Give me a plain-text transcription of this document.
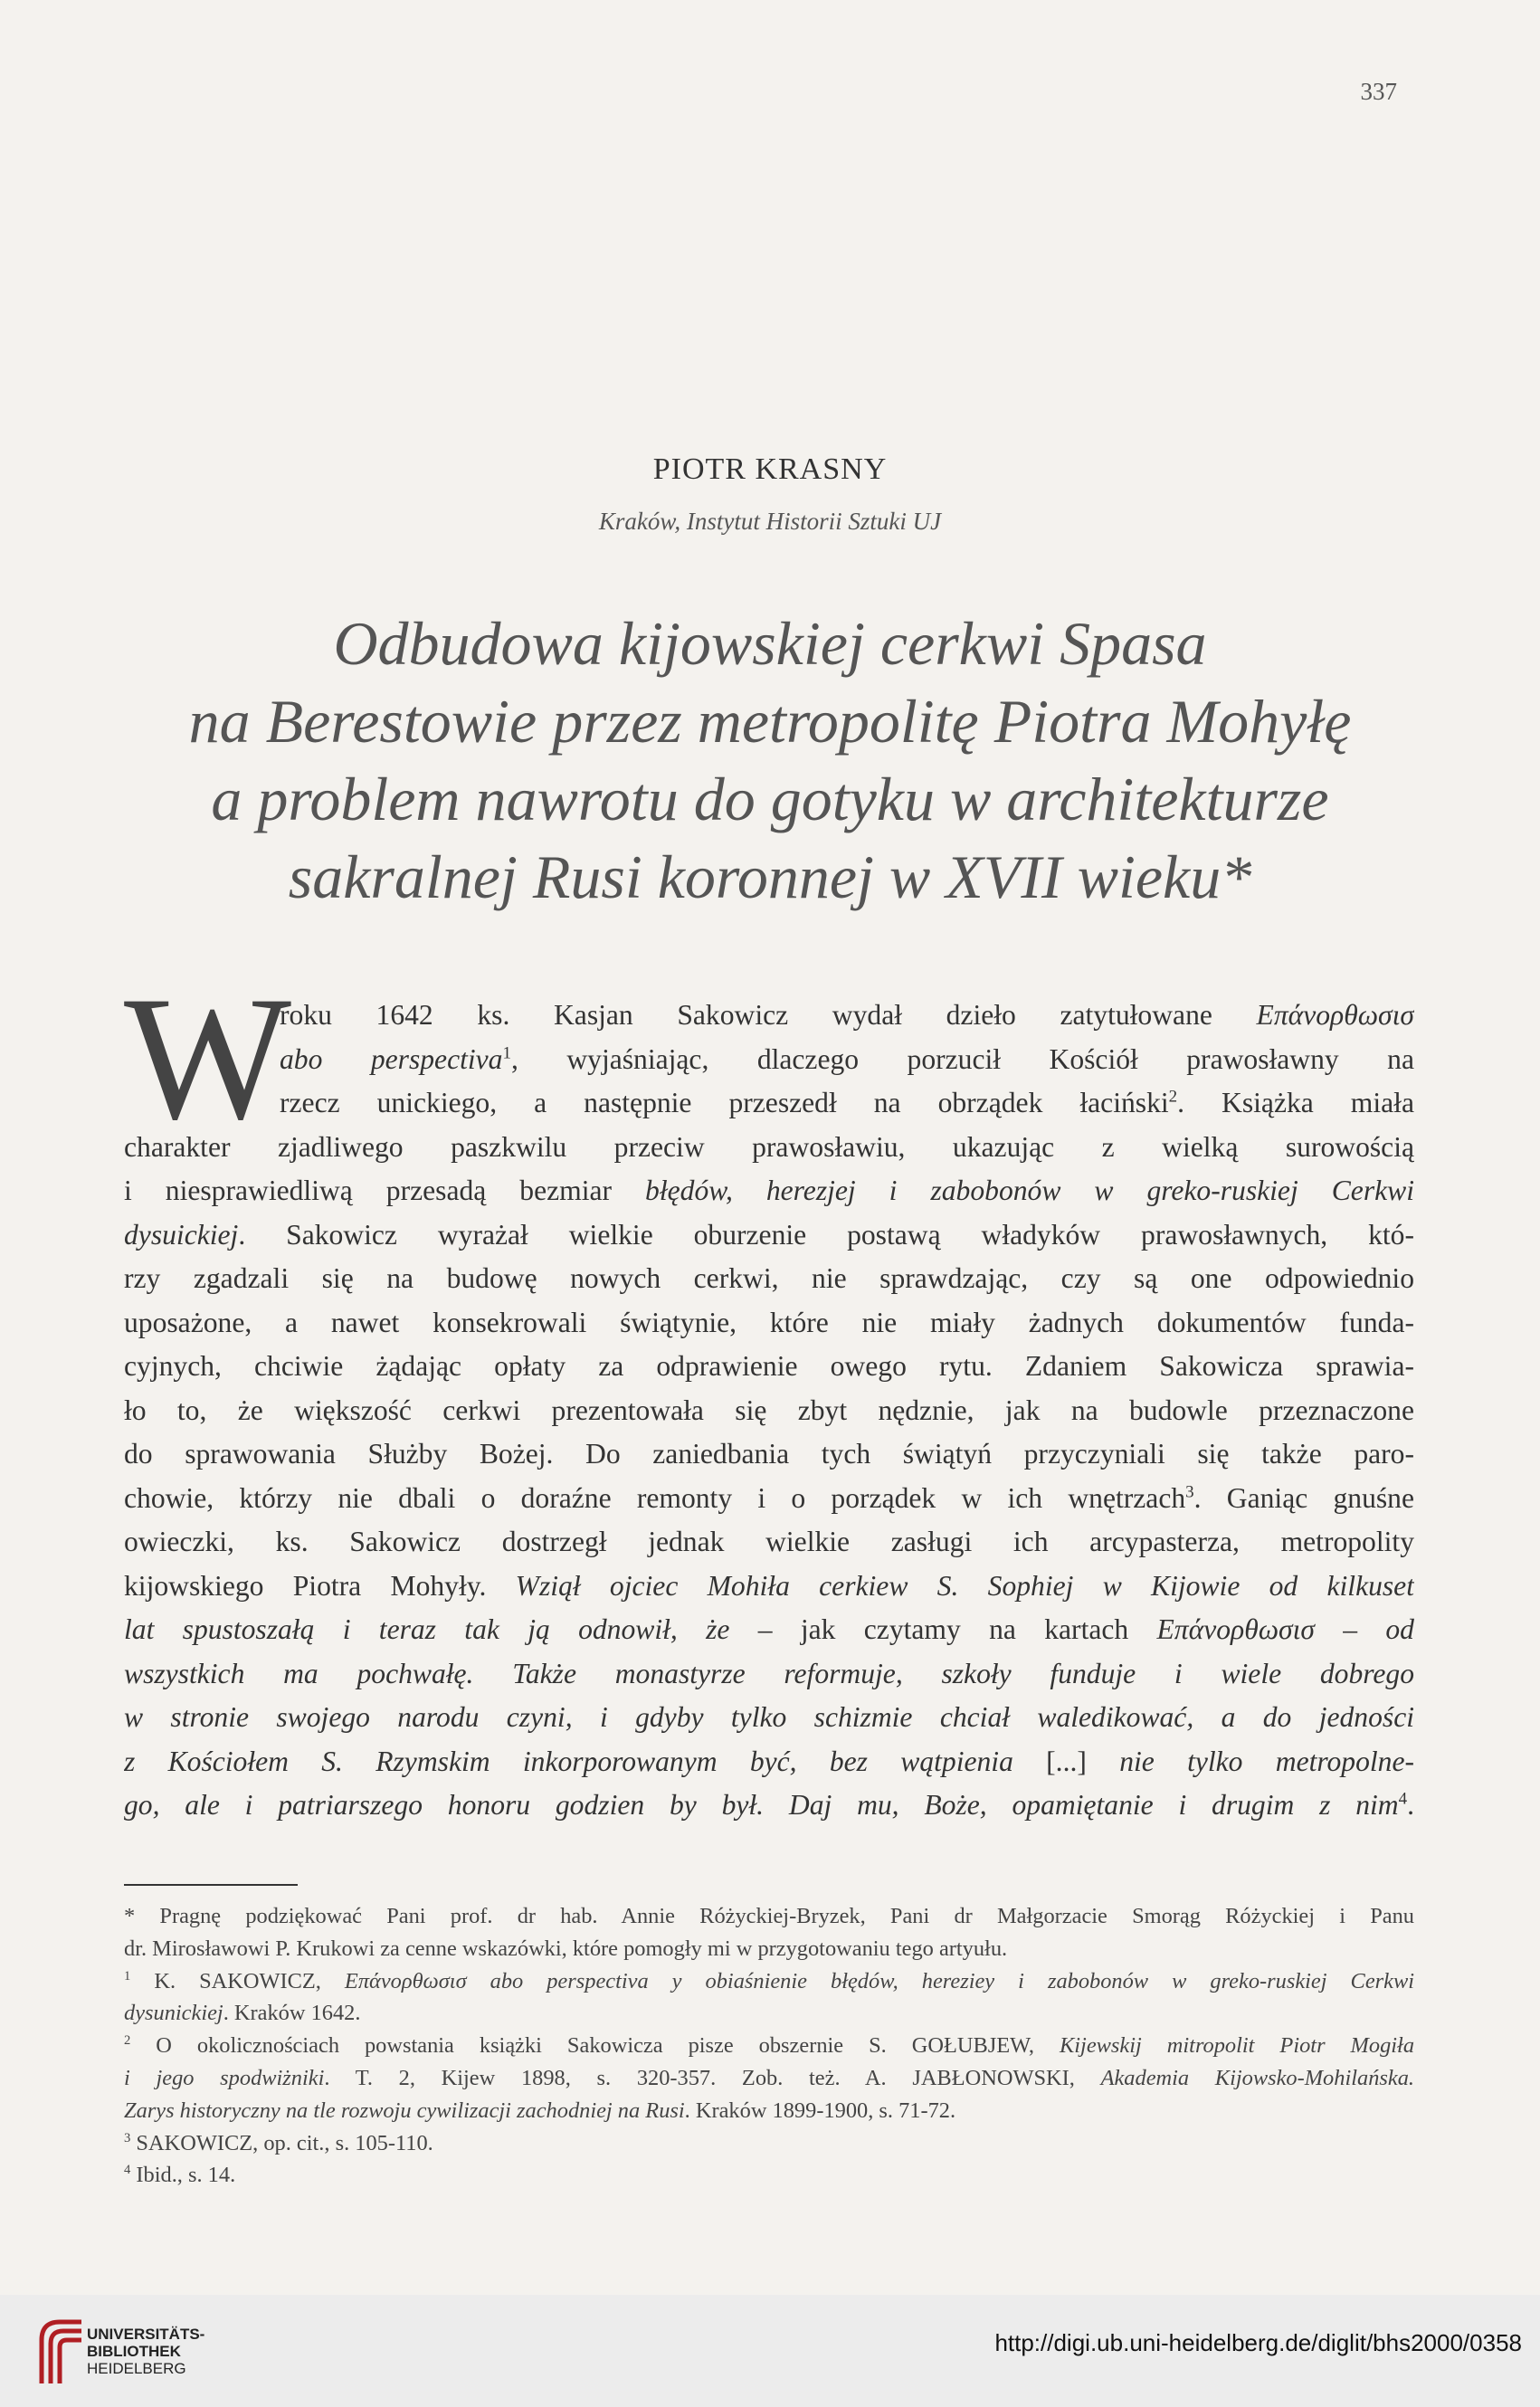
337
PIOTR KRASNY
Kraków, Instytut Historii Sztuki UJ
Odbudowa kijowskiej cerkwi Spasa
na Berestowie przez metropolitę Piotra Mohyłę
a problem nawrotu do gotyku w architekturze
sakralnej Rusi koronnej w XVII wieku*
W
roku 1642 ks. Kasjan Sakowicz wydał dzieło zatytułowane Επάνορθωσισ
abo perspectiva$^1$, wyjaśniając, dlaczego porzucił Kościół prawosławny na
rzecz unickiego, a następnie przeszedł na obrządek łaciński$^2$. Książka miała
charakter zjadliwego paszkwilu przeciw prawosławiu, ukazując z wielką surowością
i niesprawiedliwą przesadą bezmiar błędów, herezjej i zabobonów w greko-ruskiej Cerkwi
dysuickiej. Sakowicz wyrażał wielkie oburzenie postawą władyków prawosławnych, któ-
rzy zgadzali się na budowę nowych cerkwi, nie sprawdzając, czy są one odpowiednio
uposażone, a nawet konsekrowali świątynie, które nie miały żadnych dokumentów funda-
cyjnych, chciwie żądając opłaty za odprawienie owego rytu. Zdaniem Sakowicza sprawia-
ło to, że większość cerkwi prezentowała się zbyt nędznie, jak na budowle przeznaczone
do sprawowania Służby Bożej. Do zaniedbania tych świątyń przyczyniali się także paro-
chowie, którzy nie dbali o doraźne remonty i o porządek w ich wnętrzach$^3$. Ganiąc gnuśne
owieczki, ks. Sakowicz dostrzegł jednak wielkie zasługi ich arcypasterza, metropolity
kijowskiego Piotra Mohyły. Wziął ojciec Mohiła cerkiew S. Sophiej w Kijowie od kilkuset
lat spustoszałą i teraz tak ją odnowił, że – jak czytamy na kartach Επάνορθωσισ – od
wszystkich ma pochwałę. Także monastyrze reformuje, szkoły funduje i wiele dobrego
w stronie swojego narodu czyni, i gdyby tylko schizmie chciał waledikować, a do jedności
z Kościołem S. Rzymskim inkorporowanym być, bez wątpienia [...] nie tylko metropolne-
go, ale i patriarszego honoru godzien by był. Daj mu, Boże, opamiętanie i drugim z nim$^4$.
* Pragnę podziękować Pani prof. dr hab. Annie Różyckiej-Bryzek, Pani dr Małgorzacie Smorąg Różyckiej i Panu
dr. Mirosławowi P. Krukowi za cenne wskazówki, które pomogły mi w przygotowaniu tego artyułu.
$^1$ K. SAKOWICZ, Επάνορθωσισ abo perspectiva y obiaśnienie błędów, hereziey i zabobonów w greko-ruskiej Cerkwi
dysunickiej. Kraków 1642.
$^2$ O okolicznościach powstania książki Sakowicza pisze obszernie S. GOŁUBJEW, Kijewskij mitropolit Piotr Mogiła
i jego spodwiżniki. T. 2, Kijew 1898, s. 320-357. Zob. też. A. JABŁONOWSKI, Akademia Kijowsko-Mohilańska.
Zarys historyczny na tle rozwoju cywilizacji zachodniej na Rusi. Kraków 1899-1900, s. 71-72.
$^3$ SAKOWICZ, op. cit., s. 105-110.
$^4$ Ibid., s. 14.
UNIVERSITÄTS-
BIBLIOTHEK
HEIDELBERG
http://digi.ub.uni-heidelberg.de/diglit/bhs2000/0358
